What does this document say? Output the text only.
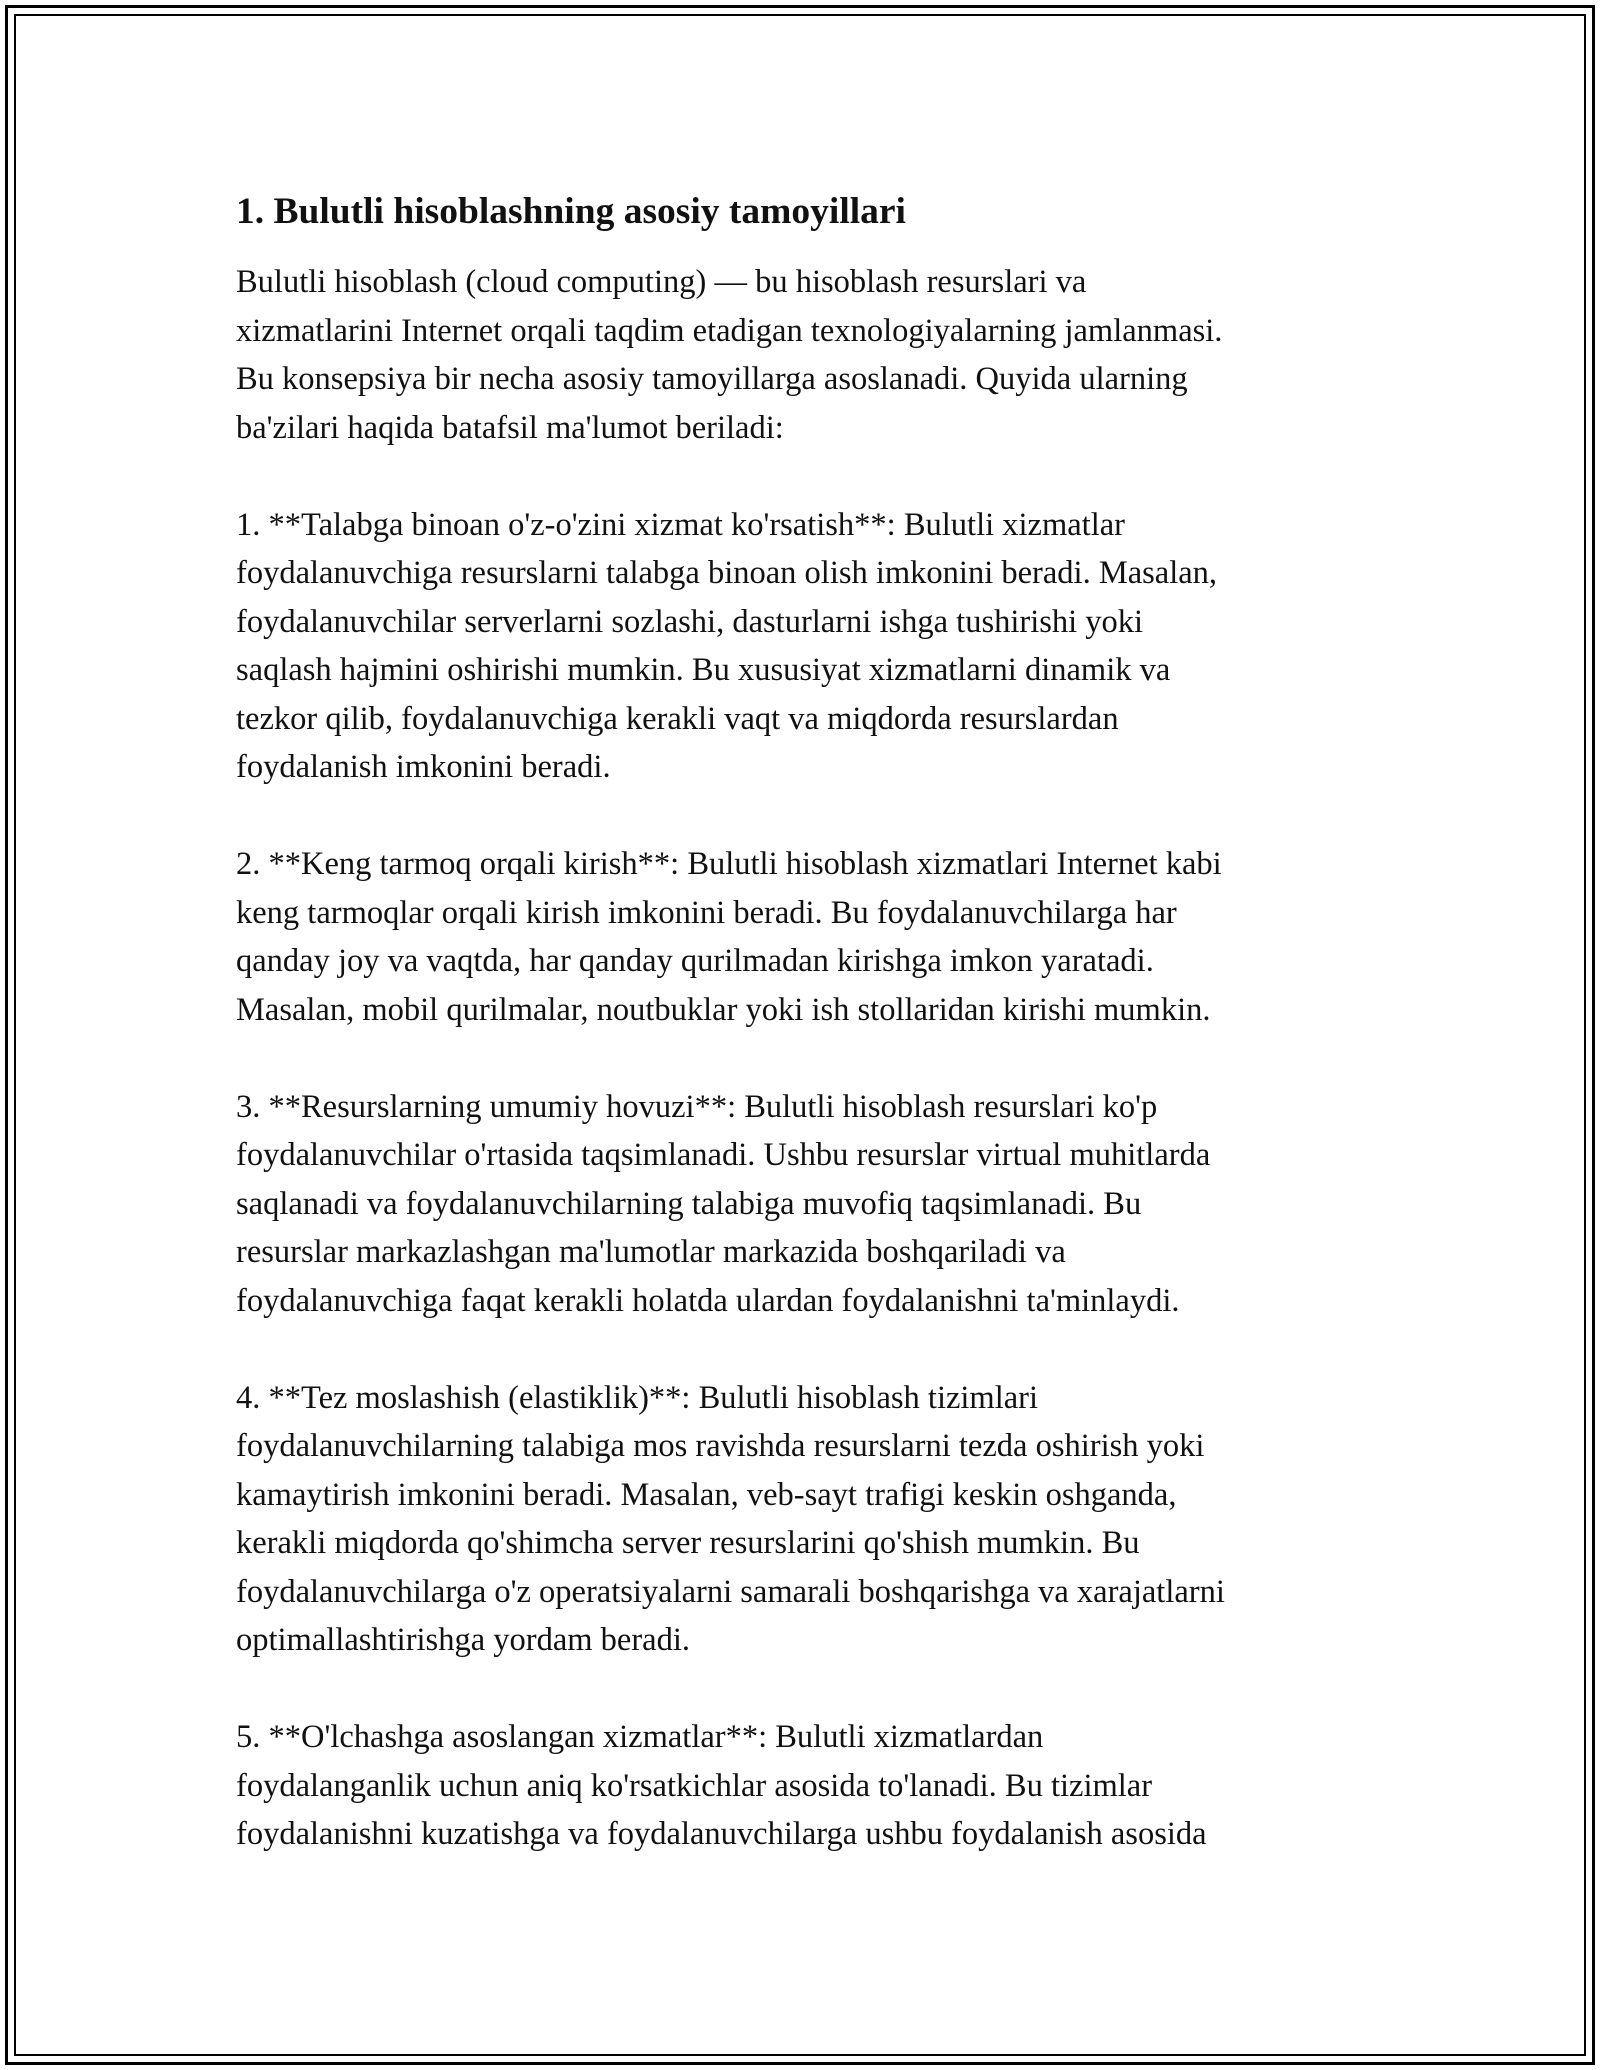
1. Bulutli hisoblashning asosiy tamoyillari

Bulutli hisoblash (cloud computing) — bu hisoblash resurslari va
xizmatlarini Internet orqali taqdim etadigan texnologiyalarning jamlanmasi.
Bu konsepsiya bir necha asosiy tamoyillarga asoslanadi. Quyida ularning
ba'zilari haqida batafsil ma'lumot beriladi:

1. **Talabga binoan o'z-o'zini xizmat ko'rsatish**: Bulutli xizmatlar
foydalanuvchiga resurslarni talabga binoan olish imkonini beradi. Masalan,
foydalanuvchilar serverlarni sozlashi, dasturlarni ishga tushirishi yoki
saqlash hajmini oshirishi mumkin. Bu xususiyat xizmatlarni dinamik va
tezkor qilib, foydalanuvchiga kerakli vaqt va miqdorda resurslardan
foydalanish imkonini beradi.

2. **Keng tarmoq orqali kirish**: Bulutli hisoblash xizmatlari Internet kabi
keng tarmoqlar orqali kirish imkonini beradi. Bu foydalanuvchilarga har
qanday joy va vaqtda, har qanday qurilmadan kirishga imkon yaratadi.
Masalan, mobil qurilmalar, noutbuklar yoki ish stollaridan kirishi mumkin.

3. **Resurslarning umumiy hovuzi**: Bulutli hisoblash resurslari ko'p
foydalanuvchilar o'rtasida taqsimlanadi. Ushbu resurslar virtual muhitlarda
saqlanadi va foydalanuvchilarning talabiga muvofiq taqsimlanadi. Bu
resurslar markazlashgan ma'lumotlar markazida boshqariladi va
foydalanuvchiga faqat kerakli holatda ulardan foydalanishni ta'minlaydi.

4. **Tez moslashish (elastiklik)**: Bulutli hisoblash tizimlari
foydalanuvchilarning talabiga mos ravishda resurslarni tezda oshirish yoki
kamaytirish imkonini beradi. Masalan, veb-sayt trafigi keskin oshganda,
kerakli miqdorda qo'shimcha server resurslarini qo'shish mumkin. Bu
foydalanuvchilarga o'z operatsiyalarni samarali boshqarishga va xarajatlarni
optimallashtirishga yordam beradi.

5. **O'lchashga asoslangan xizmatlar**: Bulutli xizmatlardan
foydalanganlik uchun aniq ko'rsatkichlar asosida to'lanadi. Bu tizimlar
foydalanishni kuzatishga va foydalanuvchilarga ushbu foydalanish asosida
